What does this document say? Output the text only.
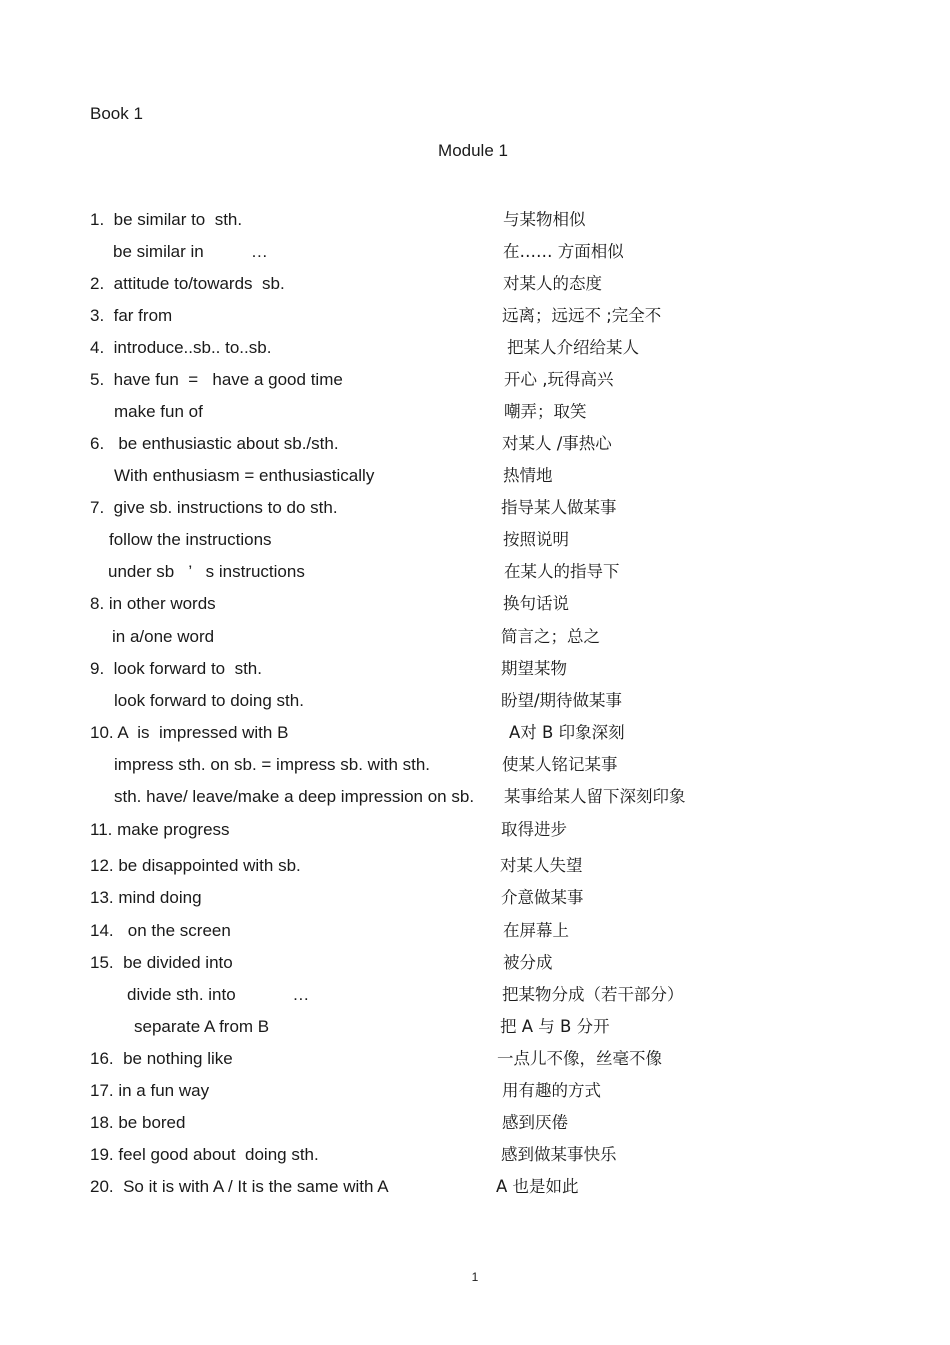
Book 1
Module 1
1.  be similar to  sth.	与某物相似
be similar in          …	在…… 方面相似
2.  attitude to/towards  sb.	对某人的态度
3.  far from	远离；远远不 ;完全不
4.  introduce..sb.. to..sb.	把某人介绍给某人
5.  have fun  =   have a good time	开心 ,玩得高兴
make fun of	嘲弄；取笑
6.   be enthusiastic about sb./sth.	对某人 /事热心
With enthusiasm = enthusiastically	热情地
7.  give sb. instructions to do sth.	指导某人做某事
follow the instructions	按照说明
under sb   ’   s instructions	在某人的指导下
8. in other words	换句话说
in a/one word	简言之；总之
9.  look forward to  sth.	期望某物
look forward to doing sth.	盼望/期待做某事
10. A  is  impressed with B	A对 B 印象深刻
impress sth. on sb. = impress sb. with sth.	使某人铭记某事
sth. have/ leave/make a deep impression on sb. 某事给某人留下深刻印象
11. make progress	取得进步
12. be disappointed with sb.	对某人失望
13. mind doing	介意做某事
14.   on the screen	在屏幕上
15.  be divided into	被分成
divide sth. into            …	把某物分成（若干部分）
separate A from B	把 A 与 B 分开
16.  be nothing like	一点儿不像，丝毫不像
17. in a fun way	用有趣的方式
18. be bored	感到厌倦
19. feel good about  doing sth.	感到做某事快乐
20.  So it is with A / It is the same with A	A 也是如此
1
